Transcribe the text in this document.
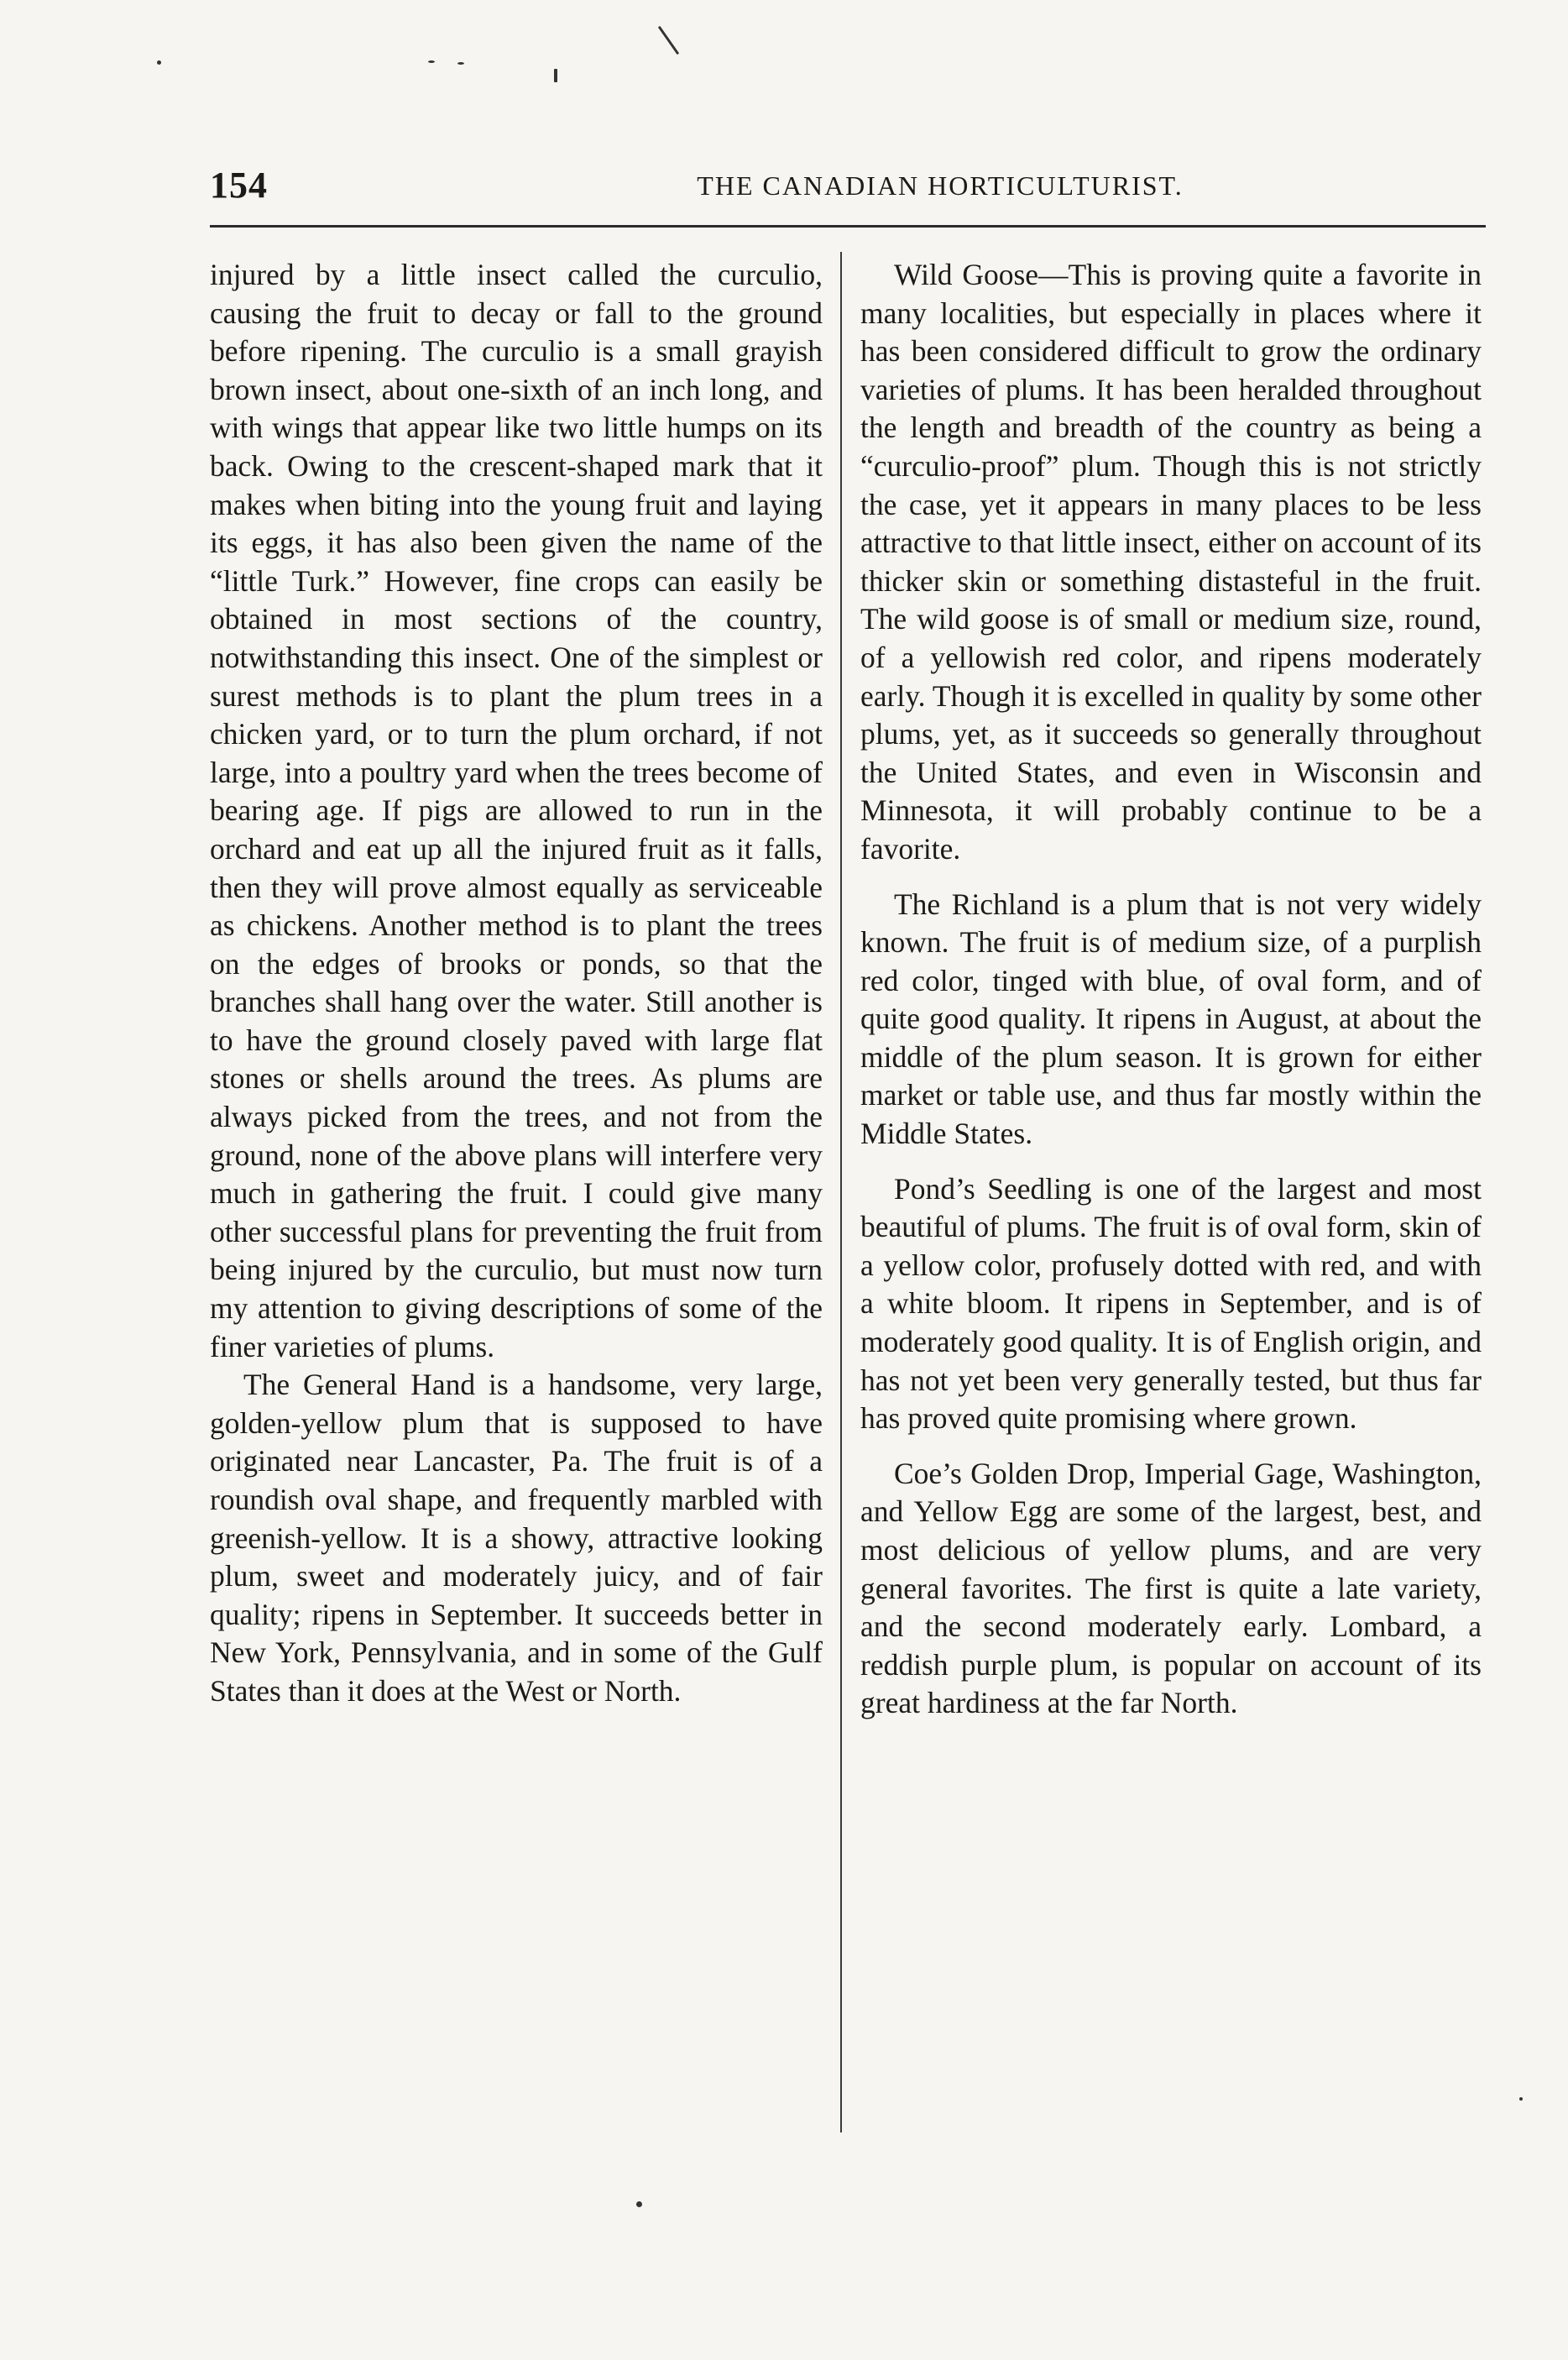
154	THE CANADIAN HORTICULTURIST.

injured by a little insect called the curculio, causing the fruit to decay or fall to the ground before ripening. The curculio is a small grayish brown insect, about one-sixth of an inch long, and with wings that appear like two little humps on its back. Owing to the crescent-shaped mark that it makes when biting into the young fruit and laying its eggs, it has also been given the name of the “little Turk.” However, fine crops can easily be obtained in most sections of the country, notwithstanding this insect. One of the simplest or surest methods is to plant the plum trees in a chicken yard, or to turn the plum orchard, if not large, into a poultry yard when the trees become of bearing age. If pigs are allowed to run in the orchard and eat up all the injured fruit as it falls, then they will prove almost equally as serviceable as chickens. Another method is to plant the trees on the edges of brooks or ponds, so that the branches shall hang over the water. Still another is to have the ground closely paved with large flat stones or shells around the trees. As plums are always picked from the trees, and not from the ground, none of the above plans will interfere very much in gathering the fruit. I could give many other successful plans for preventing the fruit from being injured by the curculio, but must now turn my attention to giving descriptions of some of the finer varieties of plums.

The General Hand is a handsome, very large, golden-yellow plum that is supposed to have originated near Lancaster, Pa. The fruit is of a roundish oval shape, and frequently marbled with greenish-yellow. It is a showy, attractive looking plum, sweet and moderately juicy, and of fair quality; ripens in September. It succeeds better in New York, Pennsylvania, and in some of the Gulf States than it does at the West or North.

Wild Goose—This is proving quite a favorite in many localities, but especially in places where it has been considered difficult to grow the ordinary varieties of plums. It has been heralded throughout the length and breadth of the country as being a “curculio-proof” plum. Though this is not strictly the case, yet it appears in many places to be less attractive to that little insect, either on account of its thicker skin or something distasteful in the fruit. The wild goose is of small or medium size, round, of a yellowish red color, and ripens moderately early. Though it is excelled in quality by some other plums, yet, as it succeeds so generally throughout the United States, and even in Wisconsin and Minnesota, it will probably continue to be a favorite.

The Richland is a plum that is not very widely known. The fruit is of medium size, of a purplish red color, tinged with blue, of oval form, and of quite good quality. It ripens in August, at about the middle of the plum season. It is grown for either market or table use, and thus far mostly within the Middle States.

Pond’s Seedling is one of the largest and most beautiful of plums. The fruit is of oval form, skin of a yellow color, profusely dotted with red, and with a white bloom. It ripens in September, and is of moderately good quality. It is of English origin, and has not yet been very generally tested, but thus far has proved quite promising where grown.

Coe’s Golden Drop, Imperial Gage, Washington, and Yellow Egg are some of the largest, best, and most delicious of yellow plums, and are very general favorites. The first is quite a late variety, and the second moderately early. Lombard, a reddish purple plum, is popular on account of its great hardiness at the far North.
